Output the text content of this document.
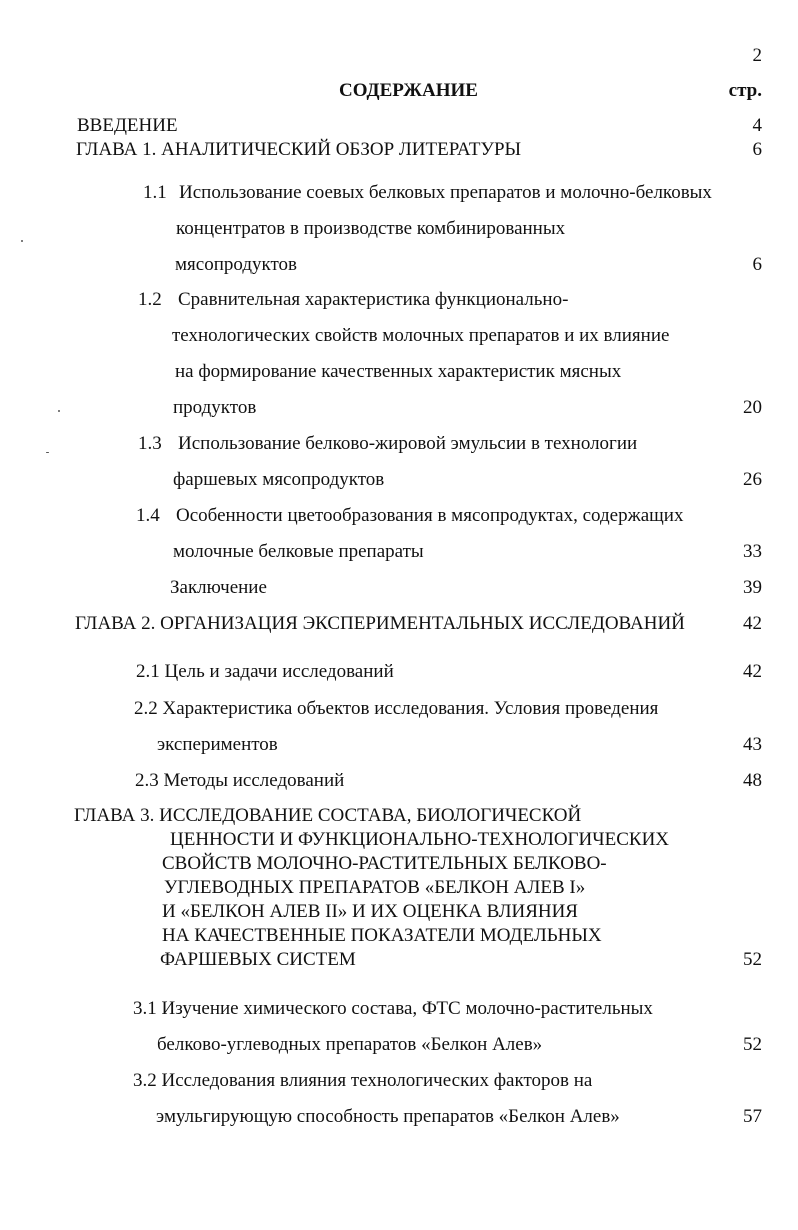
2
СОДЕРЖАНИЕ	стр.
ВВЕДЕНИЕ	4
ГЛАВА 1. АНАЛИТИЧЕСКИЙ ОБЗОР ЛИТЕРАТУРЫ	6
1.1 Использование соевых белковых препаратов и молочно-белковых
концентратов в производстве комбинированных
мясопродуктов	6
1.2 Сравнительная характеристика функционально-
технологических свойств молочных препаратов и их влияние
на формирование качественных характеристик мясных
продуктов	20
1.3 Использование белково-жировой эмульсии в технологии
фаршевых мясопродуктов	26
1.4 Особенности цветообразования в мясопродуктах, содержащих
молочные белковые препараты	33
Заключение	39
ГЛАВА 2. ОРГАНИЗАЦИЯ ЭКСПЕРИМЕНТАЛЬНЫХ ИССЛЕДОВАНИЙ	42
2.1 Цель и задачи исследований	42
2.2 Характеристика объектов исследования. Условия проведения
экспериментов	43
2.3 Методы исследований	48
ГЛАВА 3. ИССЛЕДОВАНИЕ СОСТАВА, БИОЛОГИЧЕСКОЙ
ЦЕННОСТИ И ФУНКЦИОНАЛЬНО-ТЕХНОЛОГИЧЕСКИХ
СВОЙСТВ МОЛОЧНО-РАСТИТЕЛЬНЫХ БЕЛКОВО-
УГЛЕВОДНЫХ ПРЕПАРАТОВ «БЕЛКОН АЛЕВ I»
И «БЕЛКОН АЛЕВ II» И ИХ ОЦЕНКА ВЛИЯНИЯ
НА КАЧЕСТВЕННЫЕ ПОКАЗАТЕЛИ МОДЕЛЬНЫХ
ФАРШЕВЫХ СИСТЕМ	52
3.1 Изучение химического состава, ФТС молочно-растительных
белково-углеводных препаратов «Белкон Алев»	52
3.2 Исследования влияния технологических факторов на
эмульгирующую способность препаратов «Белкон Алев»	57
